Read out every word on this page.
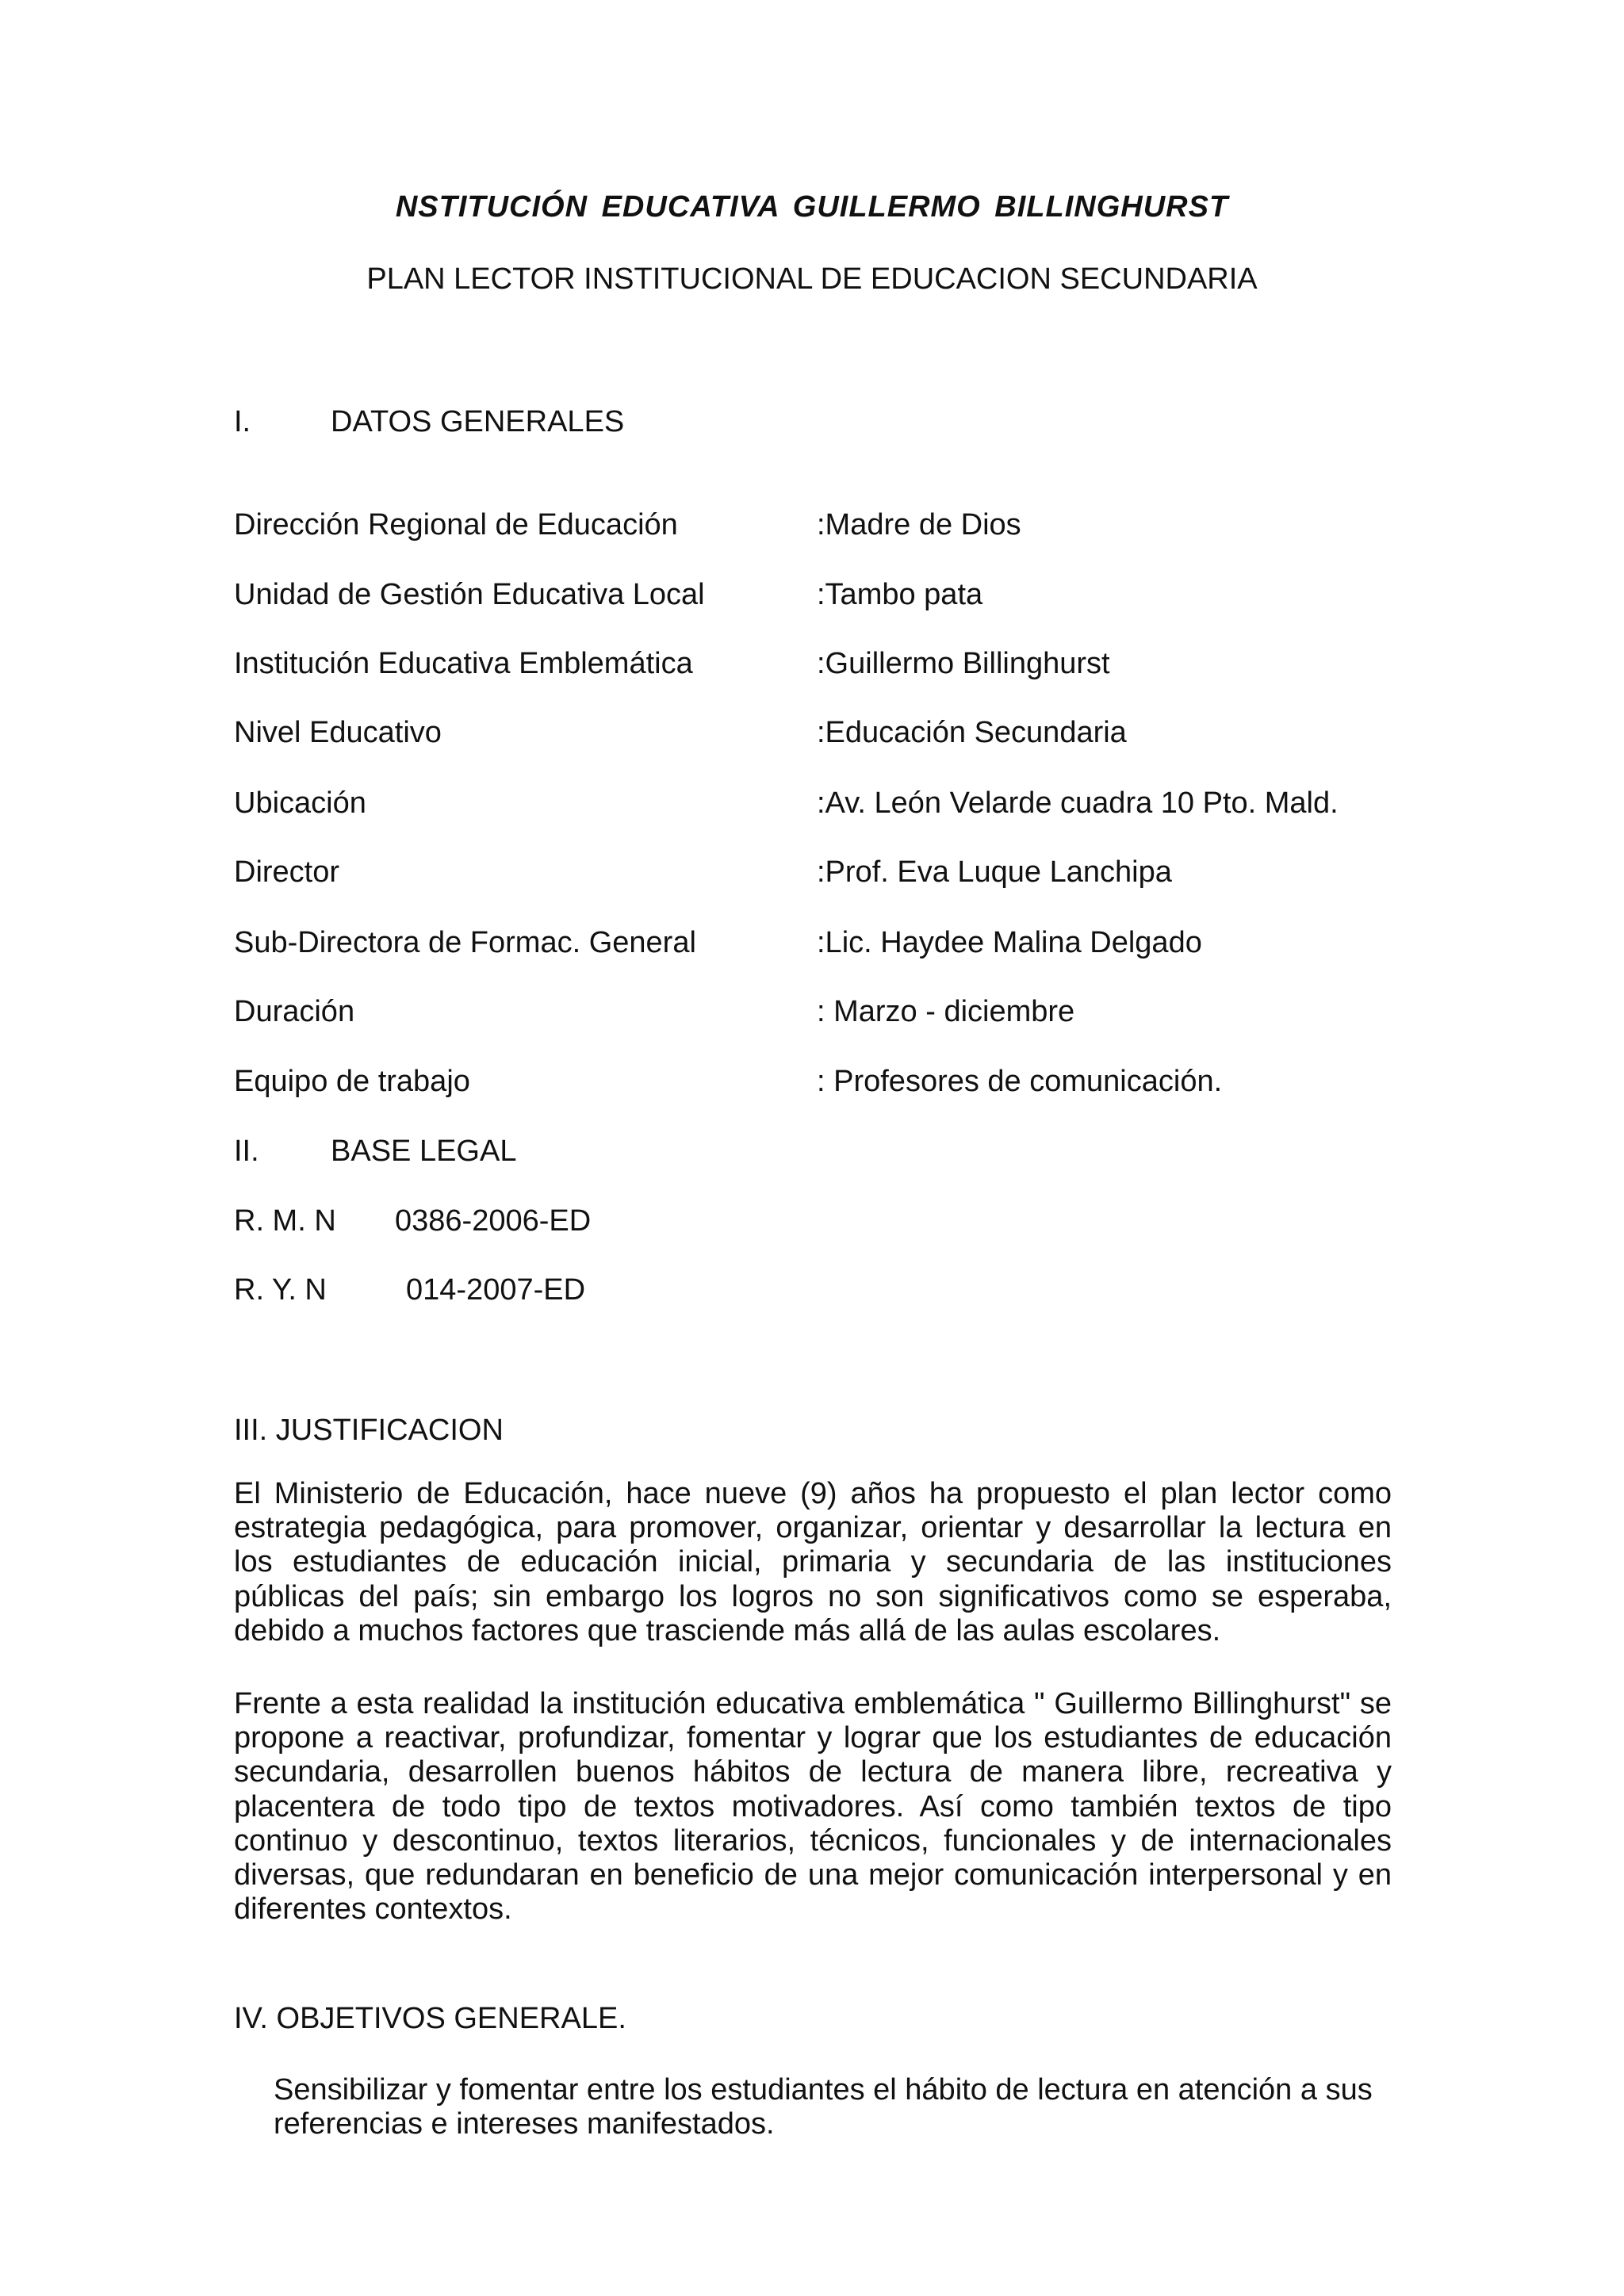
NSTITUCIÓN EDUCATIVA GUILLERMO BILLINGHURST
PLAN LECTOR INSTITUCIONAL DE EDUCACION SECUNDARIA
I.	DATOS GENERALES
Dirección Regional de Educación	:Madre de Dios
Unidad de Gestión Educativa Local	:Tambo pata
Institución Educativa Emblemática	:Guillermo Billinghurst
Nivel Educativo	:Educación Secundaria
Ubicación	:Av. León Velarde cuadra 10 Pto. Mald.
Director	:Prof. Eva Luque Lanchipa
Sub-Directora de Formac. General	:Lic. Haydee Malina Delgado
Duración	: Marzo - diciembre
Equipo de trabajo	: Profesores de comunicación.
II. BASE LEGAL
R. M. N 0386-2006-ED
R. Y. N	014-2007-ED
III. JUSTIFICACION
El Ministerio de Educación, hace nueve (9) años ha propuesto el plan lector como estrategia pedagógica, para promover, organizar, orientar y desarrollar la lectura en los estudiantes de educación inicial, primaria y secundaria de las instituciones públicas del país; sin embargo los logros no son significativos como se esperaba, debido a muchos factores que trasciende más allá de las aulas escolares.
Frente a esta realidad la institución educativa emblemática " Guillermo Billinghurst" se propone a reactivar, profundizar, fomentar y lograr que los estudiantes de educación secundaria, desarrollen buenos hábitos de lectura de manera libre, recreativa y placentera de todo tipo de textos motivadores. Así como también textos de tipo continuo y descontinuo, textos literarios, técnicos, funcionales y de internacionales diversas, que redundaran en beneficio de una mejor comunicación interpersonal y en diferentes contextos.
IV. OBJETIVOS GENERALE.
Sensibilizar y fomentar entre los estudiantes el hábito de lectura en atención a sus referencias e intereses manifestados.
